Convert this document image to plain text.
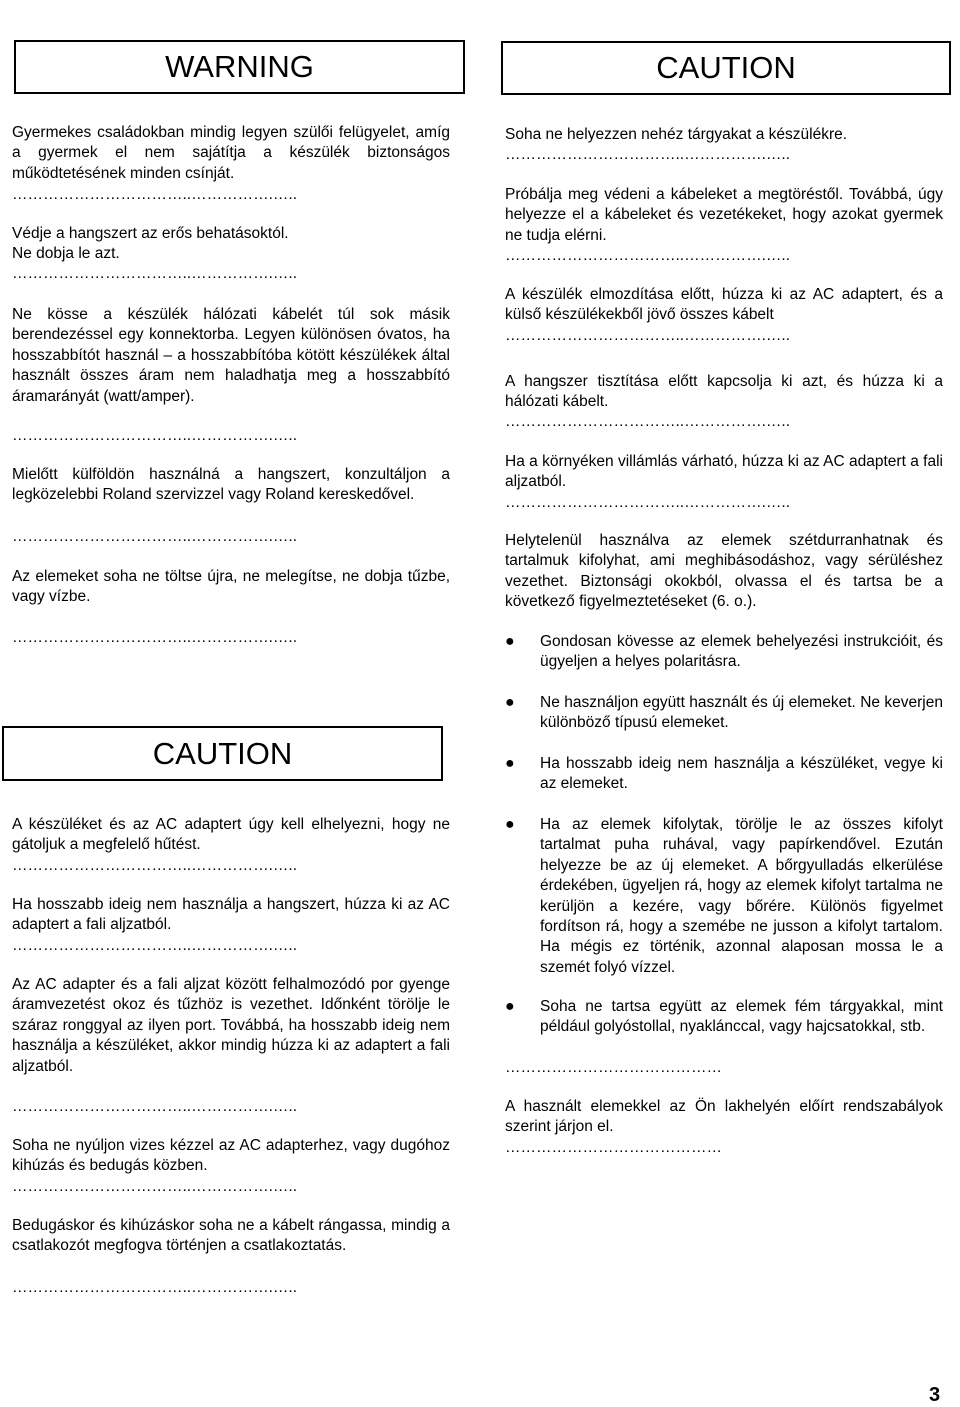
WARNING	CAUTION
CAUTION
Gyermekes családokban mindig legyen szülői felügyelet, amíg a gyermek el nem sajátítja a készülék biztonságos működtetésének minden csínját.
……………………………..…………….…..
Védje a hangszert az erős behatásoktól.
Ne dobja le azt.
……………………………..…………….…..
Ne kösse a készülék hálózati kábelét túl sok másik berendezéssel egy konnektorba. Legyen különösen óvatos, ha hosszabbítót használ – a hosszabbítóba kötött készülékek által használt összes áram nem haladhatja meg a hosszabbító áramarányát (watt/amper).
……………………………..…………….…..
Mielőtt külföldön használná a hangszert, konzultáljon a legközelebbi Roland szervizzel vagy Roland kereskedővel.
……………………………..…………….…..
Az elemeket soha ne töltse újra, ne melegítse, ne dobja tűzbe, vagy vízbe.
……………………………..…………….…..
A készüléket és az AC adaptert úgy kell elhelyezni, hogy ne gátoljuk a megfelelő hűtést.
……………………………..…………….…..
Ha hosszabb ideig nem használja a hangszert, húzza ki az AC adaptert a fali aljzatból.
……………………………..…………….…..
Az AC adapter és a fali aljzat között felhalmozódó por gyenge áramvezetést okoz és tűzhöz is vezethet. Időnként törölje le száraz ronggyal az ilyen port. Továbbá, ha hosszabb ideig nem használja a készüléket, akkor mindig húzza ki az adaptert a fali aljzatból.
……………………………..…………….…..
Soha ne nyúljon vizes kézzel az AC adapterhez, vagy dugóhoz kihúzás és bedugás közben.
……………………………..…………….…..
Bedugáskor és kihúzáskor soha ne a kábelt rángassa, mindig a csatlakozót megfogva történjen a csatlakoztatás.
……………………………..…………….…..
Soha ne helyezzen nehéz tárgyakat a készülékre.
……………………………..…………….…..
Próbálja meg védeni a kábeleket a megtöréstől. Továbbá, úgy helyezze el a kábeleket és vezetékeket, hogy azokat gyermek ne tudja elérni.
……………………………..…………….…..
A készülék elmozdítása előtt, húzza ki az AC adaptert, és a külső készülékekből jövő összes kábelt
……………………………..…………….…..
A hangszer tisztítása előtt kapcsolja ki azt, és húzza ki a hálózati kábelt.
……………………………..…………….…..
Ha a környéken villámlás várható, húzza ki az AC adaptert a fali aljzatból.
……………………………..…………….…..
Helytelenül használva az elemek szétdurranhatnak és tartalmuk kifolyhat, ami meghibásodáshoz, vagy sérüléshez vezethet. Biztonsági okokból, olvassa el és tartsa be a következő figyelmeztetéseket (6. o.).
● Gondosan kövesse az elemek behelyezési instrukcióit, és ügyeljen a helyes polaritásra.
● Ne használjon együtt használt és új elemeket. Ne keverjen különböző típusú elemeket.
● Ha hosszabb ideig nem használja a készüléket, vegye ki az elemeket.
● Ha az elemek kifolytak, törölje le az összes kifolyt tartalmat puha ruhával, vagy papírkendővel. Ezután helyezze be az új elemeket. A bőrgyulladás elkerülése érdekében, ügyeljen rá, hogy az elemek kifolyt tartalma ne kerüljön a kezére, vagy bőrére. Különös figyelmet fordítson rá, hogy a szemébe ne jusson a kifolyt tartalom. Ha mégis ez történik, azonnal alaposan mossa le a szemét folyó vízzel.
● Soha ne tartsa együtt az elemek fém tárgyakkal, mint például golyóstollal, nyaklánccal, vagy hajcsatokkal, stb.
……………………………………
A használt elemekkel az Ön lakhelyén előírt rendszabályok szerint járjon el.
……………………………………
3
